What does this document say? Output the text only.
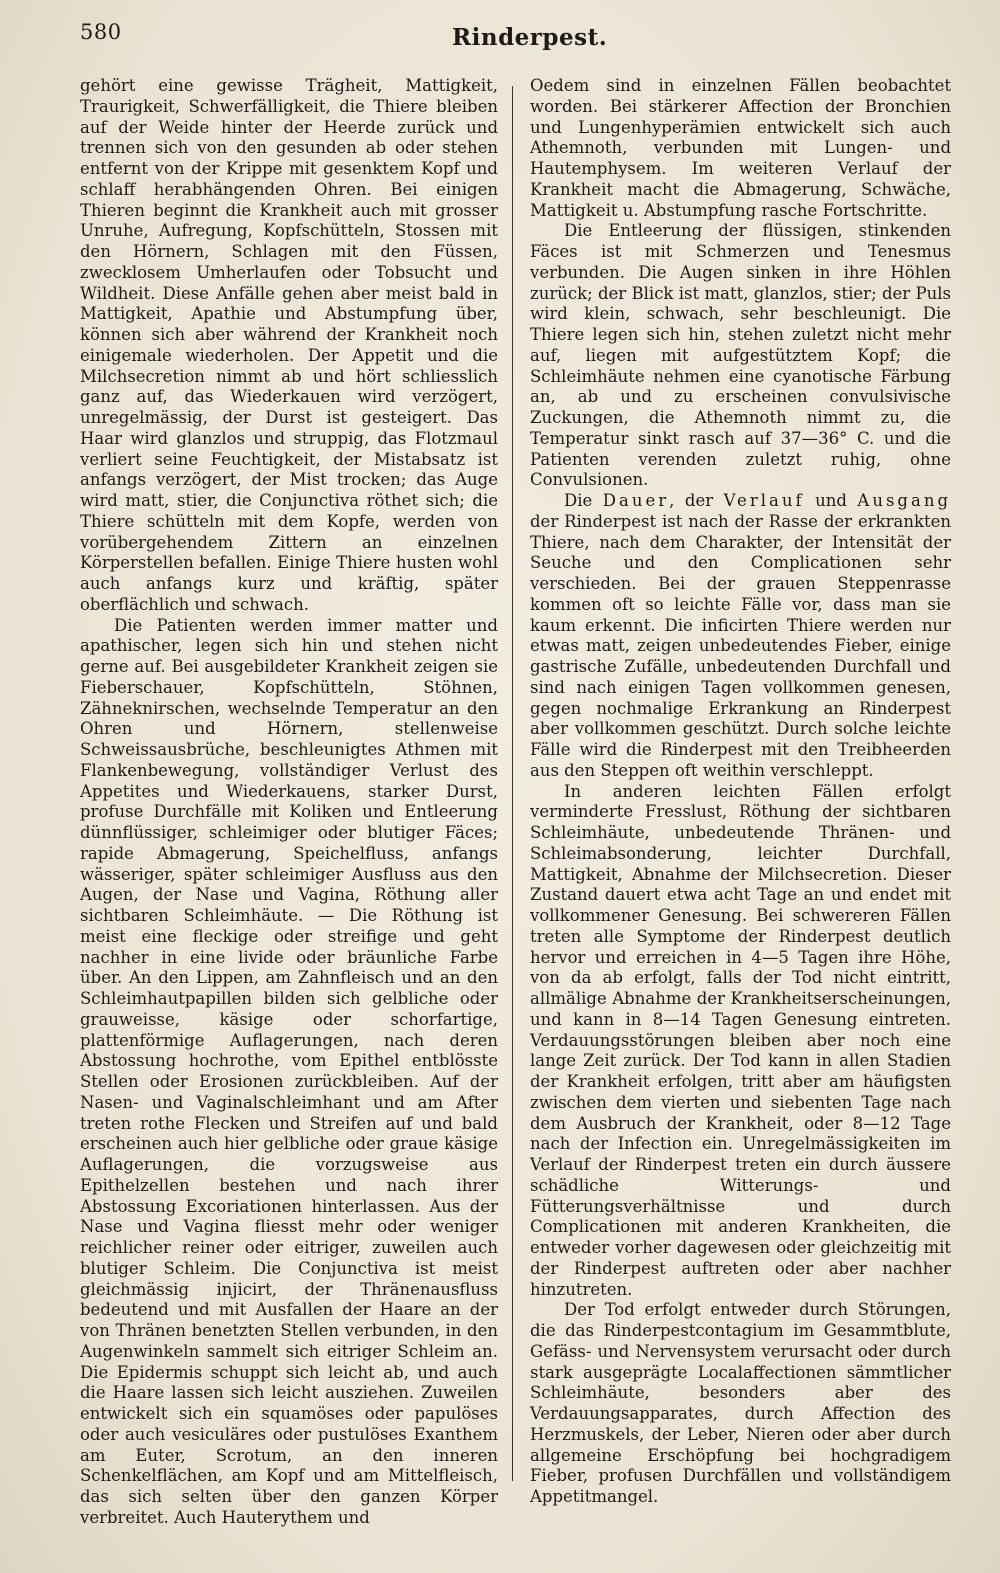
580	Rinderpest.

gehört eine gewisse Trägheit, Mattigkeit, Traurigkeit, Schwerfälligkeit, die Thiere bleiben auf der Weide hinter der Heerde zurück und trennen sich von den gesunden ab oder stehen entfernt von der Krippe mit gesenktem Kopf und schlaff herabhängenden Ohren. Bei einigen Thieren beginnt die Krankheit auch mit grosser Unruhe, Aufregung, Kopfschütteln, Stossen mit den Hörnern, Schlagen mit den Füssen, zwecklosem Umherlaufen oder Tobsucht und Wildheit. Diese Anfälle gehen aber meist bald in Mattigkeit, Apathie und Abstumpfung über, können sich aber während der Krankheit noch einigemale wiederholen. Der Appetit und die Milchsecretion nimmt ab und hört schliesslich ganz auf, das Wiederkauen wird verzögert, unregelmässig, der Durst ist gesteigert. Das Haar wird glanzlos und struppig, das Flotzmaul verliert seine Feuchtigkeit, der Mistabsatz ist anfangs verzögert, der Mist trocken; das Auge wird matt, stier, die Conjunctiva röthet sich; die Thiere schütteln mit dem Kopfe, werden von vorübergehendem Zittern an einzelnen Körperstellen befallen. Einige Thiere husten wohl auch anfangs kurz und kräftig, später oberflächlich und schwach.

Die Patienten werden immer matter und apathischer, legen sich hin und stehen nicht gerne auf. Bei ausgebildeter Krankheit zeigen sie Fieberschauer, Kopfschütteln, Stöhnen, Zähneknirschen, wechselnde Temperatur an den Ohren und Hörnern, stellenweise Schweissausbrüche, beschleunigtes Athmen mit Flankenbewegung, vollständiger Verlust des Appetites und Wiederkauens, starker Durst, profuse Durchfälle mit Koliken und Entleerung dünnflüssiger, schleimiger oder blutiger Fäces; rapide Abmagerung, Speichelfluss, anfangs wässeriger, später schleimiger Ausfluss aus den Augen, der Nase und Vagina, Röthung aller sichtbaren Schleimhäute. — Die Röthung ist meist eine fleckige oder streifige und geht nachher in eine livide oder bräunliche Farbe über. An den Lippen, am Zahnfleisch und an den Schleimhautpapillen bilden sich gelbliche oder grauweisse, käsige oder schorfartige, plattenförmige Auflagerungen, nach deren Abstossung hochrothe, vom Epithel entblösste Stellen oder Erosionen zurückbleiben. Auf der Nasen- und Vaginalschleimhant und am After treten rothe Flecken und Streifen auf und bald erscheinen auch hier gelbliche oder graue käsige Auflagerungen, die vorzugsweise aus Epithelzellen bestehen und nach ihrer Abstossung Excoriationen hinterlassen. Aus der Nase und Vagina fliesst mehr oder weniger reichlicher reiner oder eitriger, zuweilen auch blutiger Schleim. Die Conjunctiva ist meist gleichmässig injicirt, der Thränenausfluss bedeutend und mit Ausfallen der Haare an der von Thränen benetzten Stellen verbunden, in den Augenwinkeln sammelt sich eitriger Schleim an. Die Epidermis schuppt sich leicht ab, und auch die Haare lassen sich leicht ausziehen. Zuweilen entwickelt sich ein squamöses oder papulöses oder auch vesiculäres oder pustulöses Exanthem am Euter, Scrotum, an den inneren Schenkelflächen, am Kopf und am Mittelfleisch, das sich selten über den ganzen Körper verbreitet. Auch Hauterythem und

Oedem sind in einzelnen Fällen beobachtet worden. Bei stärkerer Affection der Bronchien und Lungenhyperämien entwickelt sich auch Athemnoth, verbunden mit Lungen- und Hautemphysem. Im weiteren Verlauf der Krankheit macht die Abmagerung, Schwäche, Mattigkeit u. Abstumpfung rasche Fortschritte.

Die Entleerung der flüssigen, stinkenden Fäces ist mit Schmerzen und Tenesmus verbunden. Die Augen sinken in ihre Höhlen zurück; der Blick ist matt, glanzlos, stier; der Puls wird klein, schwach, sehr beschleunigt. Die Thiere legen sich hin, stehen zuletzt nicht mehr auf, liegen mit aufgestütztem Kopf; die Schleimhäute nehmen eine cyanotische Färbung an, ab und zu erscheinen convulsivische Zuckungen, die Athemnoth nimmt zu, die Temperatur sinkt rasch auf 37—36° C. und die Patienten verenden zuletzt ruhig, ohne Convulsionen.

Die Dauer, der Verlauf und Ausgang der Rinderpest ist nach der Rasse der erkrankten Thiere, nach dem Charakter, der Intensität der Seuche und den Complicationen sehr verschieden. Bei der grauen Steppenrasse kommen oft so leichte Fälle vor, dass man sie kaum erkennt. Die inficirten Thiere werden nur etwas matt, zeigen unbedeutendes Fieber, einige gastrische Zufälle, unbedeutenden Durchfall und sind nach einigen Tagen vollkommen genesen, gegen nochmalige Erkrankung an Rinderpest aber vollkommen geschützt. Durch solche leichte Fälle wird die Rinderpest mit den Treibheerden aus den Steppen oft weithin verschleppt.

In anderen leichten Fällen erfolgt verminderte Fresslust, Röthung der sichtbaren Schleimhäute, unbedeutende Thränen- und Schleimabsonderung, leichter Durchfall, Mattigkeit, Abnahme der Milchsecretion. Dieser Zustand dauert etwa acht Tage an und endet mit vollkommener Genesung. Bei schwereren Fällen treten alle Symptome der Rinderpest deutlich hervor und erreichen in 4—5 Tagen ihre Höhe, von da ab erfolgt, falls der Tod nicht eintritt, allmälige Abnahme der Krankheitserscheinungen, und kann in 8—14 Tagen Genesung eintreten. Verdauungsstörungen bleiben aber noch eine lange Zeit zurück. Der Tod kann in allen Stadien der Krankheit erfolgen, tritt aber am häufigsten zwischen dem vierten und siebenten Tage nach dem Ausbruch der Krankheit, oder 8—12 Tage nach der Infection ein. Unregelmässigkeiten im Verlauf der Rinderpest treten ein durch äussere schädliche Witterungs- und Fütterungsverhältnisse und durch Complicationen mit anderen Krankheiten, die entweder vorher dagewesen oder gleichzeitig mit der Rinderpest auftreten oder aber nachher hinzutreten.

Der Tod erfolgt entweder durch Störungen, die das Rinderpestcontagium im Gesammtblute, Gefäss- und Nervensystem verursacht oder durch stark ausgeprägte Localaffectionen sämmtlicher Schleimhäute, besonders aber des Verdauungsapparates, durch Affection des Herzmuskels, der Leber, Nieren oder aber durch allgemeine Erschöpfung bei hochgradigem Fieber, profusen Durchfällen und vollständigem Appetitmangel.
